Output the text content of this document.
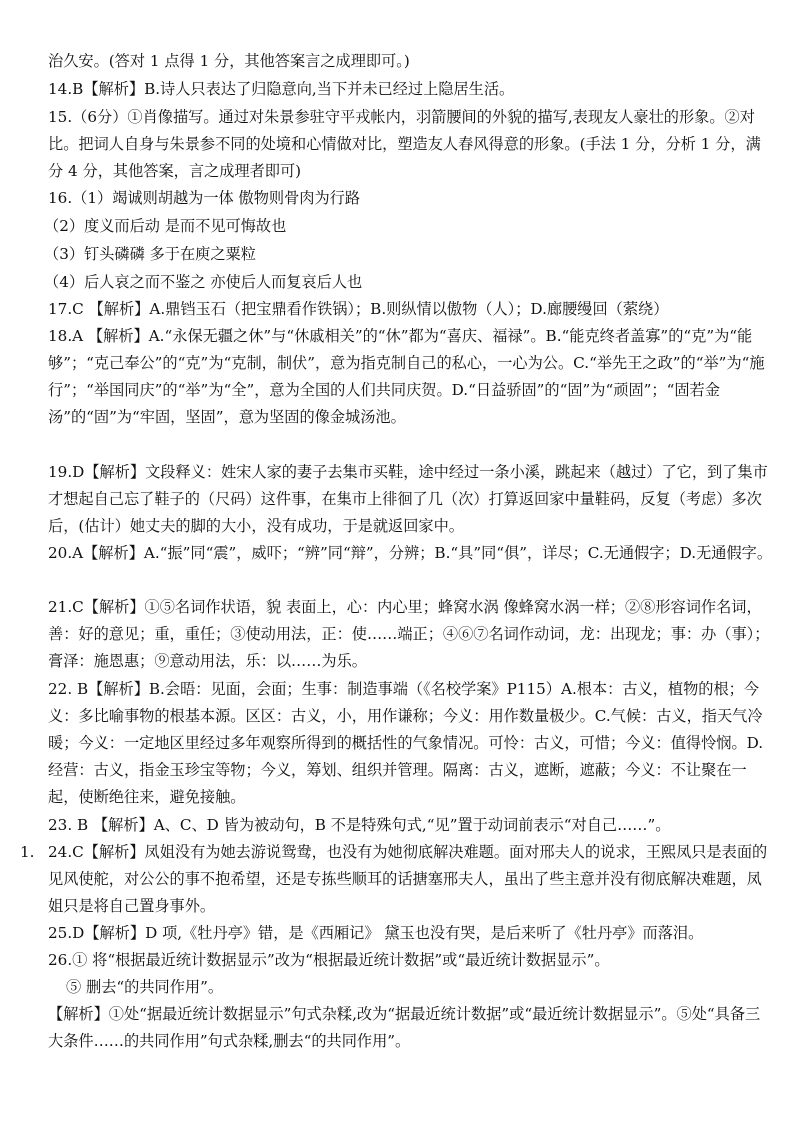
治久安。(答对 1 点得 1 分，其他答案言之成理即可。)

14.B【解析】B.诗人只表达了归隐意向,当下并未已经过上隐居生活。

15.（6分）①肖像描写。通过对朱景参驻守平戎帐内，羽箭腰间的外貌的描写,表现友人豪壮的形象。②对比。把词人自身与朱景参不同的处境和心情做对比，塑造友人春风得意的形象。(手法 1 分，分析 1 分，满分 4 分，其他答案，言之成理者即可)

16.（1）竭诚则胡越为一体 傲物则骨肉为行路

（2）度义而后动 是而不见可悔故也

（3）钉头磷磷 多于在庾之粟粒

（4）后人哀之而不鉴之 亦使后人而复哀后人也

17.C 【解析】A.鼎铛玉石（把宝鼎看作铁锅）；B.则纵情以傲物（人）；D.廊腰缦回（萦绕）

18.A 【解析】A.“永保无疆之休”与“休戚相关”的“休”都为“喜庆、福禄”。B.“能克终者盖寡”的“克”为“能够”；“克己奉公”的“克”为“克制，制伏”，意为指克制自己的私心，一心为公。C.“举先王之政”的“举”为“施行”；“举国同庆”的“举”为“全”，意为全国的人们共同庆贺。D.“日益骄固”的“固”为“顽固”；“固若金汤”的“固”为“牢固，坚固”，意为坚固的像金城汤池。

19.D【解析】文段释义：姓宋人家的妻子去集市买鞋，途中经过一条小溪，跳起来（越过）了它，到了集市才想起自己忘了鞋子的（尺码）这件事，在集市上徘徊了几（次）打算返回家中量鞋码，反复（考虑）多次后，(估计）她丈夫的脚的大小，没有成功，于是就返回家中。

20.A【解析】A.“振”同“震”，威吓；“辨”同“辩”，分辨；B.“具”同“俱”，详尽；C.无通假字；D.无通假字。

21.C【解析】①⑤名词作状语，貌 表面上，心：内心里；蜂窝水涡 像蜂窝水涡一样；②⑧形容词作名词，善：好的意见；重，重任；③使动用法，正：使……端正；④⑥⑦名词作动词，龙：出现龙；事：办（事）；膏泽：施恩惠；⑨意动用法，乐：以……为乐。

22. B【解析】B.会晤：见面，会面；生事：制造事端（《名校学案》P115）A.根本：古义，植物的根；今义：多比喻事物的根基本源。区区：古义，小，用作谦称；今义：用作数量极少。C.气候：古义，指天气冷暖；今义：一定地区里经过多年观察所得到的概括性的气象情况。可怜：古义，可惜；今义：值得怜悯。D.经营：古义，指金玉珍宝等物；今义，筹划、组织并管理。隔离：古义，遮断，遮蔽；今义：不让聚在一起，使断绝往来，避免接触。

23. B 【解析】A、C、D 皆为被动句，B 不是特殊句式,“见”置于动词前表示“对自己……”。

1. 24.C【解析】凤姐没有为她去游说鸳鸯，也没有为她彻底解决难题。面对邢夫人的说求，王熙凤只是表面的见风使舵，对公公的事不抱希望，还是专拣些顺耳的话搪塞邢夫人，虽出了些主意并没有彻底解决难题，凤姐只是将自己置身事外。

25.D【解析】D 项,《牡丹亭》错，是《西厢记》 黛玉也没有哭，是后来听了《牡丹亭》而落泪。

26.① 将“根据最近统计数据显示”改为“根据最近统计数据”或“最近统计数据显示”。

⑤ 删去“的共同作用”。

【解析】①处“据最近统计数据显示”句式杂糅,改为“据最近统计数据”或“最近统计数据显示”。⑤处“具备三大条件……的共同作用”句式杂糅,删去“的共同作用”。
